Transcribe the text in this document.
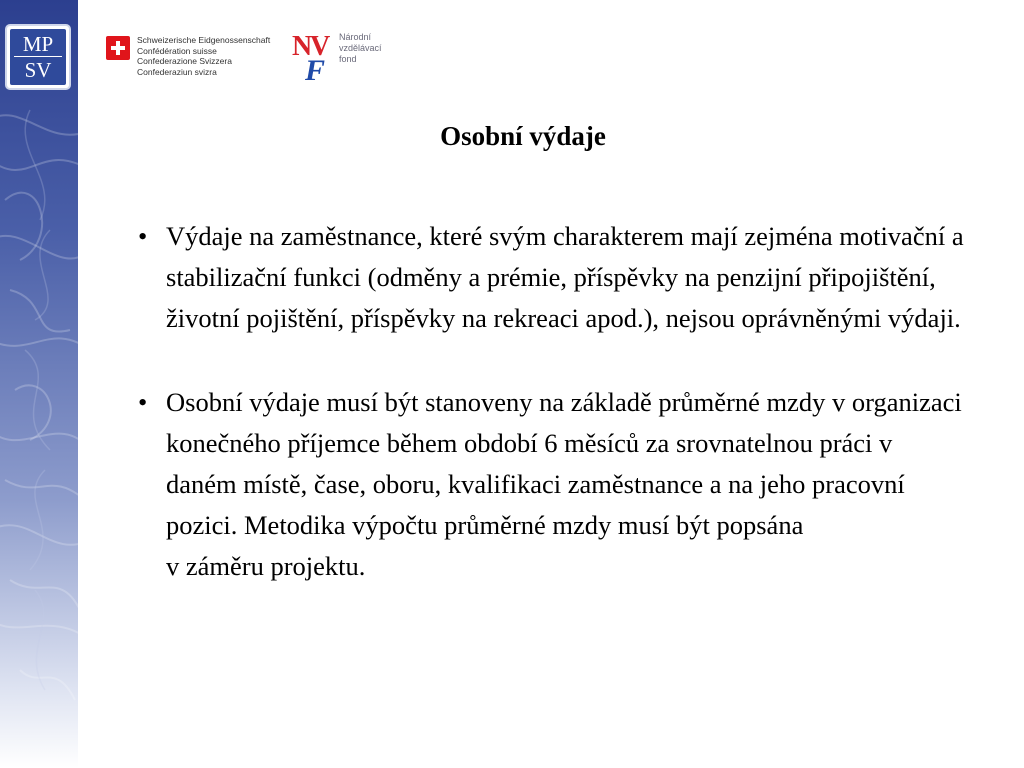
MP
SV
Schweizerische Eidgenossenschaft
Confédération suisse
Confederazione Svizzera
Confederaziun svizra
N
V
F
Národní
vzdělávací
fond
Osobní výdaje
• Výdaje na zaměstnance, které svým charakterem mají zejména motivační a stabilizační funkci (odměny a prémie, příspěvky na penzijní připojištění, životní pojištění, příspěvky na rekreaci apod.), nejsou oprávněnými výdaji.
• Osobní výdaje musí být stanoveny na základě průměrné mzdy v organizaci konečného příjemce během období 6 měsíců za srovnatelnou práci v daném místě, čase, oboru, kvalifikaci zaměstnance a na jeho pracovní pozici. Metodika výpočtu průměrné mzdy musí být popsána
v záměru projektu.
